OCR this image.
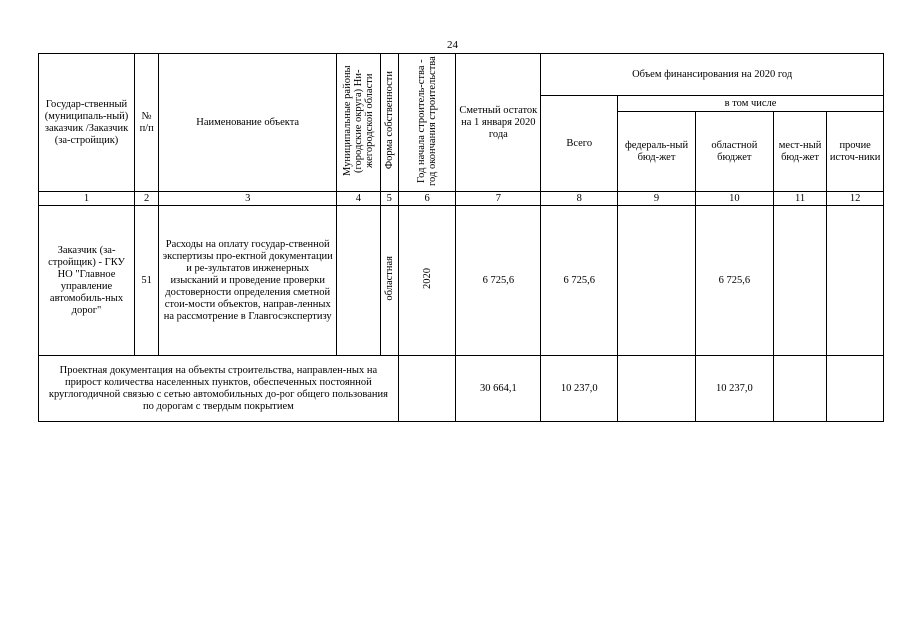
24
Государ-ственный (муниципаль-ный) заказчик /Заказчик (за-стройщик)	№ п/п	Наименование объекта	Муниципальные районы (городские округа) Ни-жегородской области	Форма собственности	Год начала строитель-ства - год окончания строительства	Сметный остаток на 1 января 2020 года	Объем финансирования на 2020 год				
							Всего	в том числе			
								федераль-ный бюд-жет	областной бюджет	мест-ный бюд-жет	прочие источ-ники
1	2	3	4	5	6	7	8	9	10	11	12
Заказчик (за-стройщик) - ГКУ НО "Главное управление автомобиль-ных дорог"	51	Расходы на оплату государ-ственной экспертизы про-ектной документации и ре-зультатов инженерных изысканий и проведение проверки достоверности определения сметной стои-мости объектов, направ-ленных на рассмотрение в Главгосэкспертизу		областная	2020	6 725,6	6 725,6		6 725,6		
Проектная документация на объекты строительства, направлен-ных на прирост количества населенных пунктов, обеспеченных постоянной круглогодичной связью с сетью автомобильных до-рог общего пользования по дорогам с твердым покрытием						30 664,1	10 237,0		10 237,0		
